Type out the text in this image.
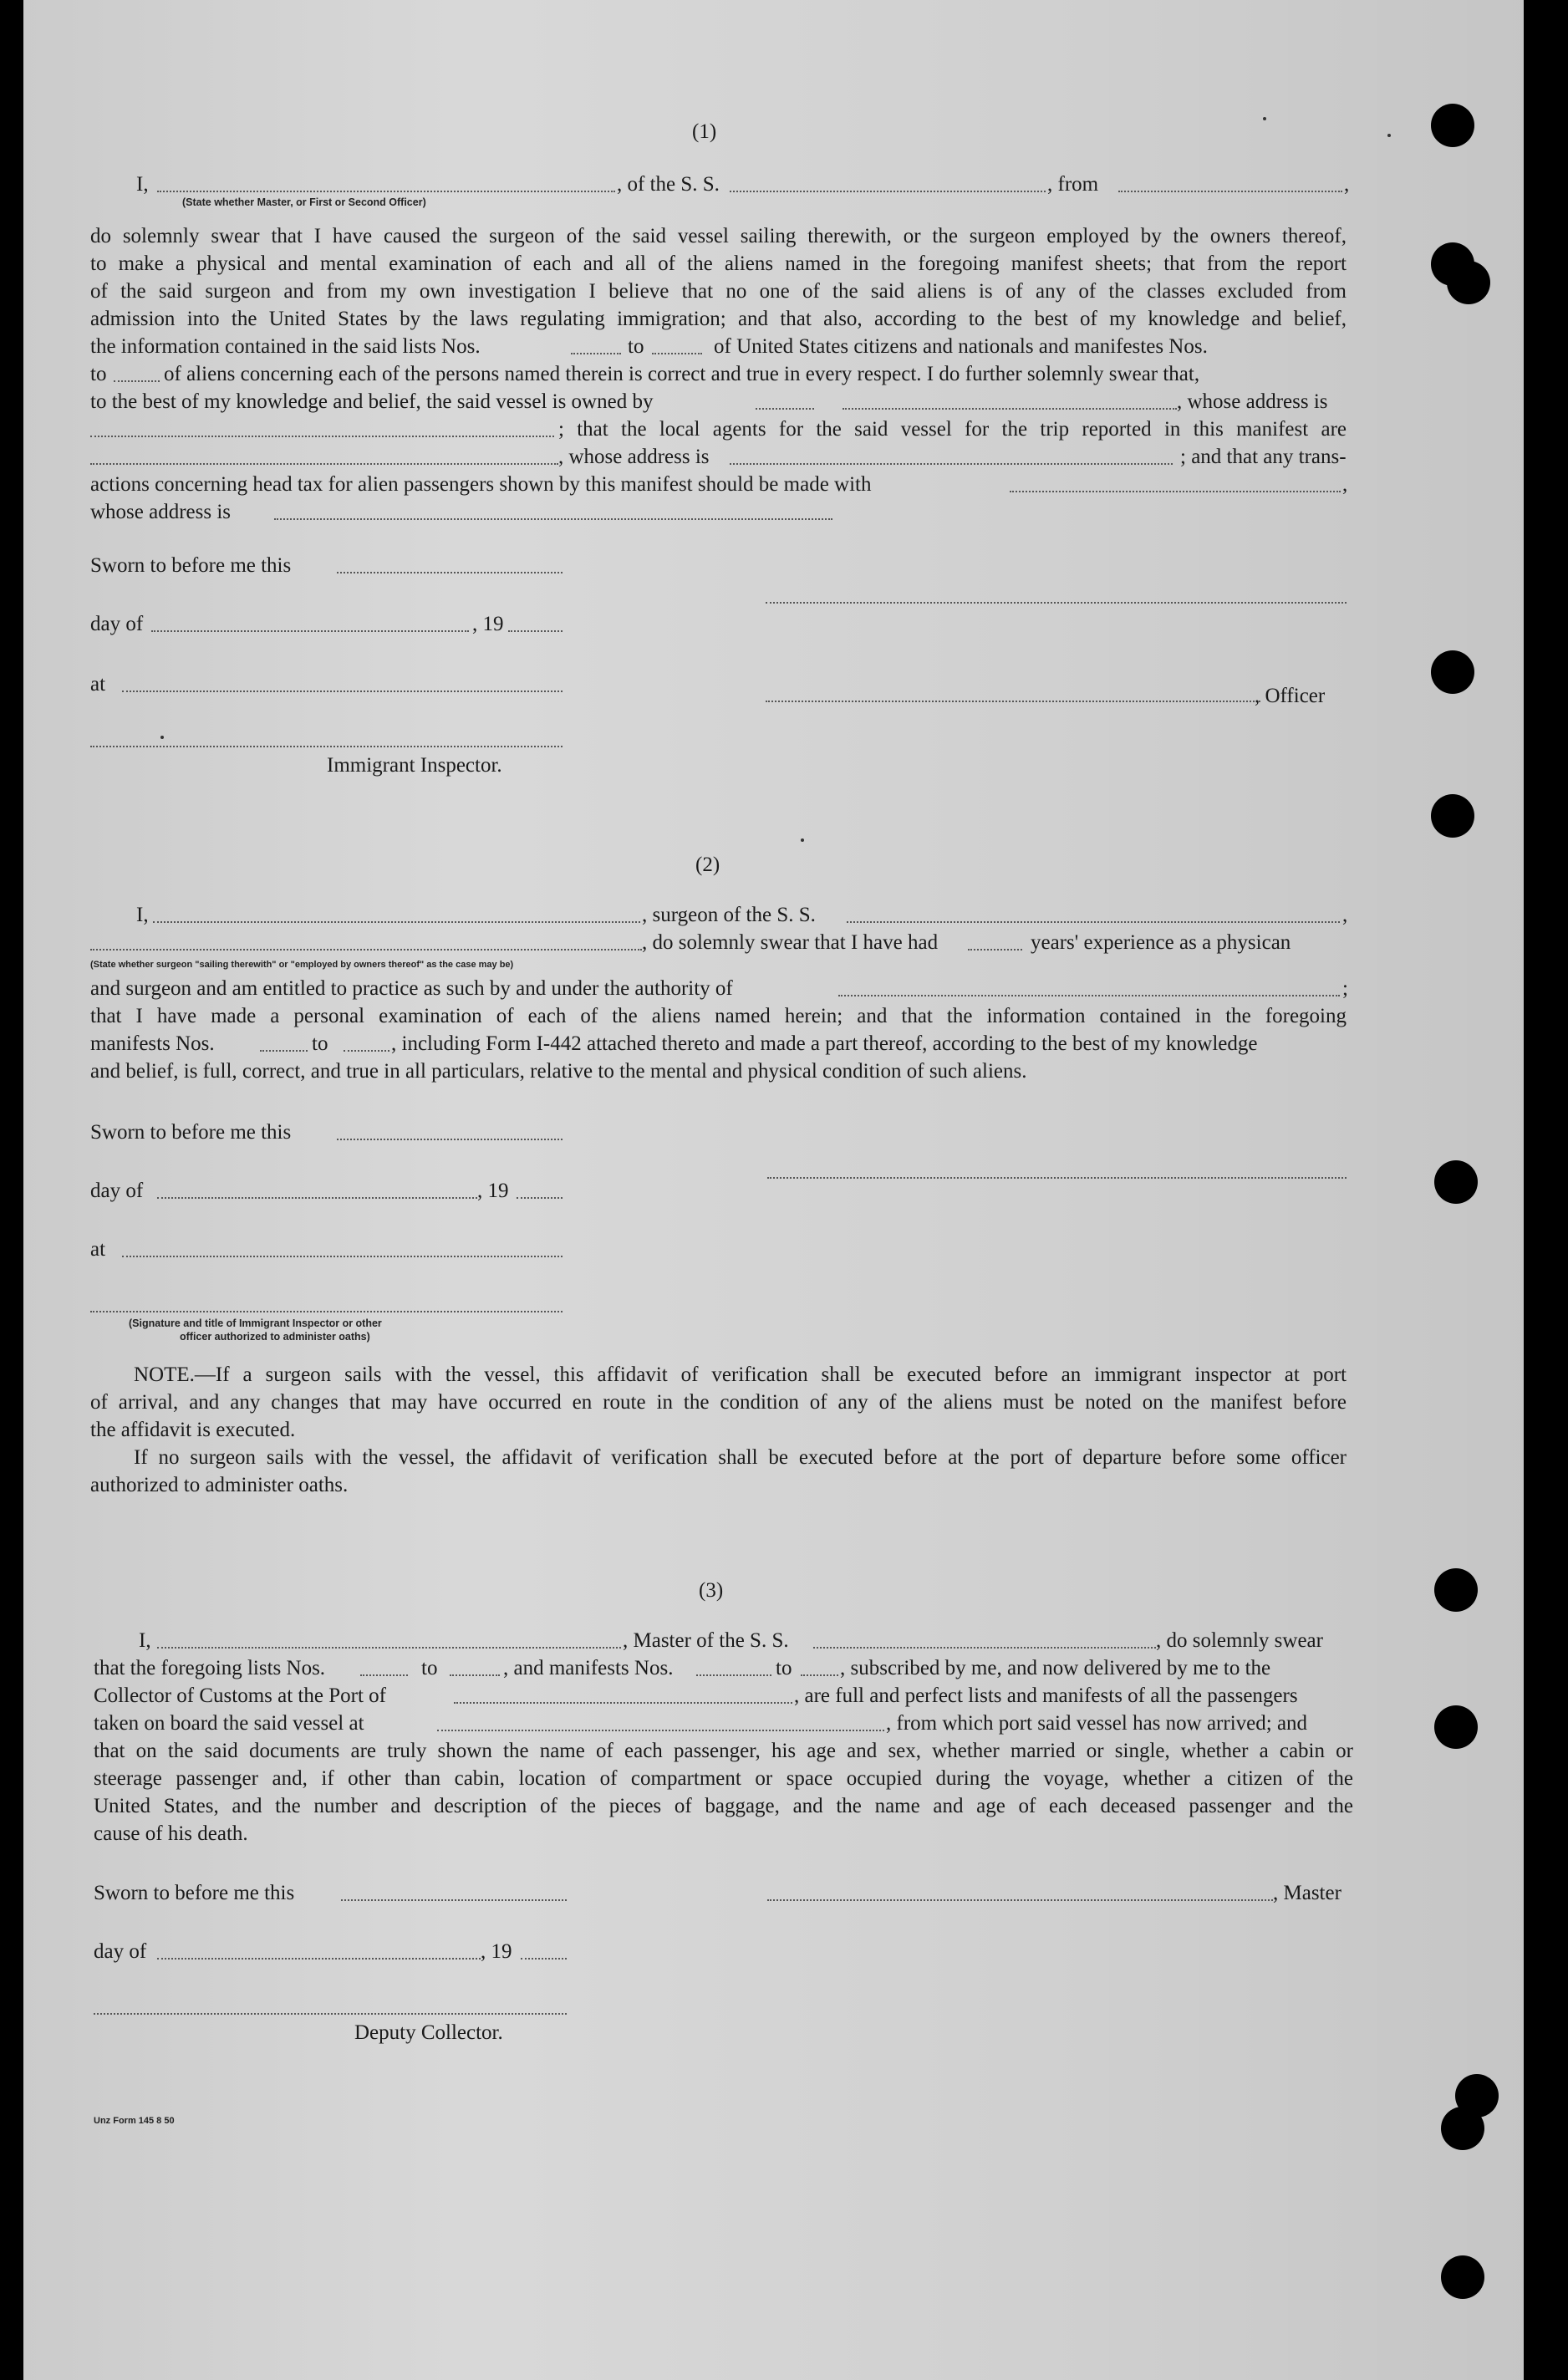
(1)
I,	, of the S. S.	, from	,
(State whether Master, or First or Second Officer)
do solemnly swear that I have caused the surgeon of the said vessel sailing therewith, or the surgeon employed by the owners thereof,
to make a physical and mental examination of each and all of the aliens named in the foregoing manifest sheets; that from the report
of the said surgeon and from my own investigation I believe that no one of the said aliens is of any of the classes excluded from
admission into the United States by the laws regulating immigration; and that also, according to the best of my knowledge and belief,
the information contained in the said lists Nos.	to	of United States citizens and nationals and manifestes Nos.
to	of aliens concerning each of the persons named therein is correct and true in every respect. I do further solemnly swear that,
to the best of my knowledge and belief, the said vessel is owned by	, whose address is
; that the local agents for the said vessel for the trip reported in this manifest are
, whose address is	; and that any trans-
actions concerning head tax for alien passengers shown by this manifest should be made with	,
whose address is
Sworn to before me this
day of	, 19
at
, Officer
Immigrant Inspector.
(2)
I,	, surgeon of the S. S.	,
, do solemnly swear that I have had	years' experience as a physican
(State whether surgeon "sailing therewith" or "employed by owners thereof" as the case may be)
and surgeon and am entitled to practice as such by and under the authority of	;
that I have made a personal examination of each of the aliens named herein; and that the information contained in the foregoing
manifests Nos.	to	, including Form I-442 attached thereto and made a part thereof, according to the best of my knowledge
and belief, is full, correct, and true in all particulars, relative to the mental and physical condition of such aliens.
Sworn to before me this
day of	, 19
at
(Signature and title of Immigrant Inspector or other
officer authorized to administer oaths)
NOTE.—If a surgeon sails with the vessel, this affidavit of verification shall be executed before an immigrant inspector at port
of arrival, and any changes that may have occurred en route in the condition of any of the aliens must be noted on the manifest before
the affidavit is executed.
If no surgeon sails with the vessel, the affidavit of verification shall be executed before at the port of departure before some officer
authorized to administer oaths.
(3)
I,	, Master of the S. S.	, do solemnly swear
that the foregoing lists Nos.	to	, and manifests Nos.	to , subscribed by me, and now delivered by me to the
Collector of Customs at the Port of	, are full and perfect lists and manifests of all the passengers
taken on board the said vessel at	, from which port said vessel has now arrived; and
that on the said documents are truly shown the name of each passenger, his age and sex, whether married or single, whether a cabin or
steerage passenger and, if other than cabin, location of compartment or space occupied during the voyage, whether a citizen of the
United States, and the number and description of the pieces of baggage, and the name and age of each deceased passenger and the
cause of his death.
Sworn to before me this	, Master
day of	, 19
Deputy Collector.
Unz Form 145 8 50
